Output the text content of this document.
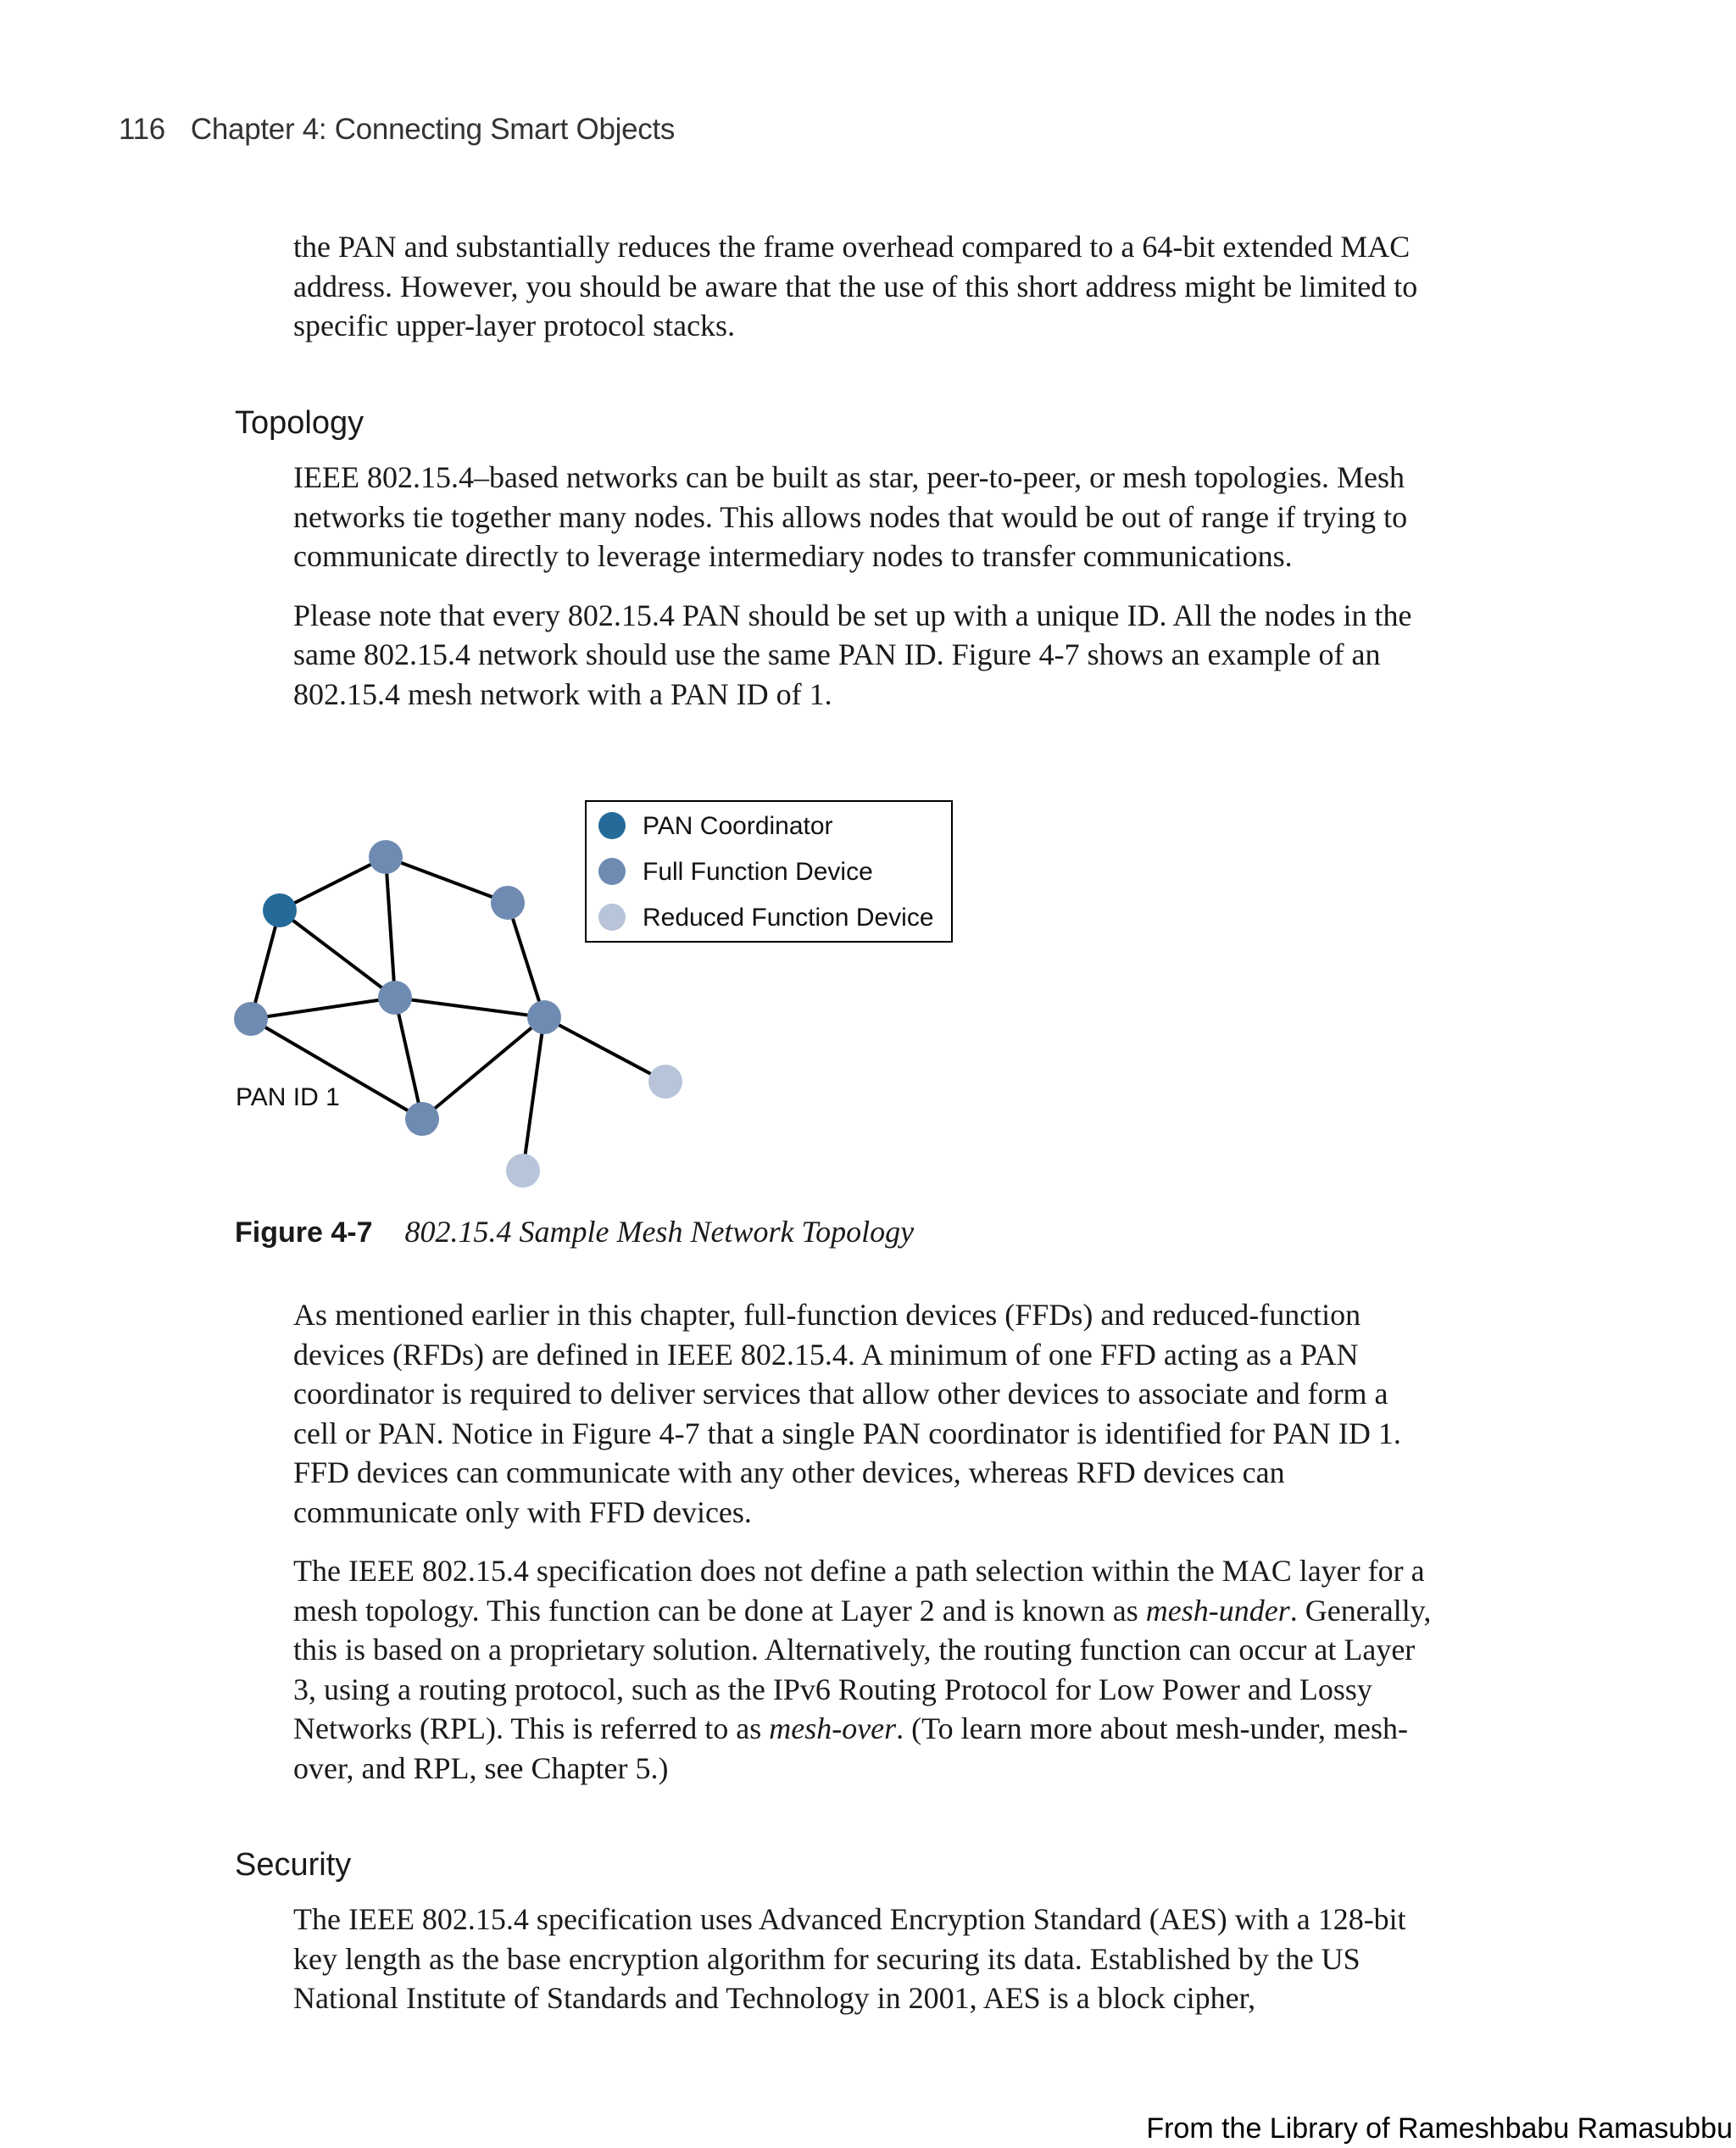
116 Chapter 4: Connecting Smart Objects

the PAN and substantially reduces the frame overhead compared to a 64-bit extended MAC address. However, you should be aware that the use of this short address might be limited to specific upper-layer protocol stacks.

Topology

IEEE 802.15.4–based networks can be built as star, peer-to-peer, or mesh topologies. Mesh networks tie together many nodes. This allows nodes that would be out of range if trying to communicate directly to leverage intermediary nodes to transfer communications.

Please note that every 802.15.4 PAN should be set up with a unique ID. All the nodes in the same 802.15.4 network should use the same PAN ID. Figure 4-7 shows an example of an 802.15.4 mesh network with a PAN ID of 1.

PAN ID 1
PAN Coordinator
Full Function Device
Reduced Function Device
Figure 4-7 802.15.4 Sample Mesh Network Topology

As mentioned earlier in this chapter, full-function devices (FFDs) and reduced-function devices (RFDs) are defined in IEEE 802.15.4. A minimum of one FFD acting as a PAN coordinator is required to deliver services that allow other devices to associate and form a cell or PAN. Notice in Figure 4-7 that a single PAN coordinator is identified for PAN ID 1. FFD devices can communicate with any other devices, whereas RFD devices can communicate only with FFD devices.

The IEEE 802.15.4 specification does not define a path selection within the MAC layer for a mesh topology. This function can be done at Layer 2 and is known as mesh-under. Generally, this is based on a proprietary solution. Alternatively, the routing function can occur at Layer 3, using a routing protocol, such as the IPv6 Routing Protocol for Low Power and Lossy Networks (RPL). This is referred to as mesh-over. (To learn more about mesh-under, mesh-over, and RPL, see Chapter 5.)

Security

The IEEE 802.15.4 specification uses Advanced Encryption Standard (AES) with a 128-bit key length as the base encryption algorithm for securing its data. Established by the US National Institute of Standards and Technology in 2001, AES is a block cipher,

From the Library of Rameshbabu Ramasubbu
